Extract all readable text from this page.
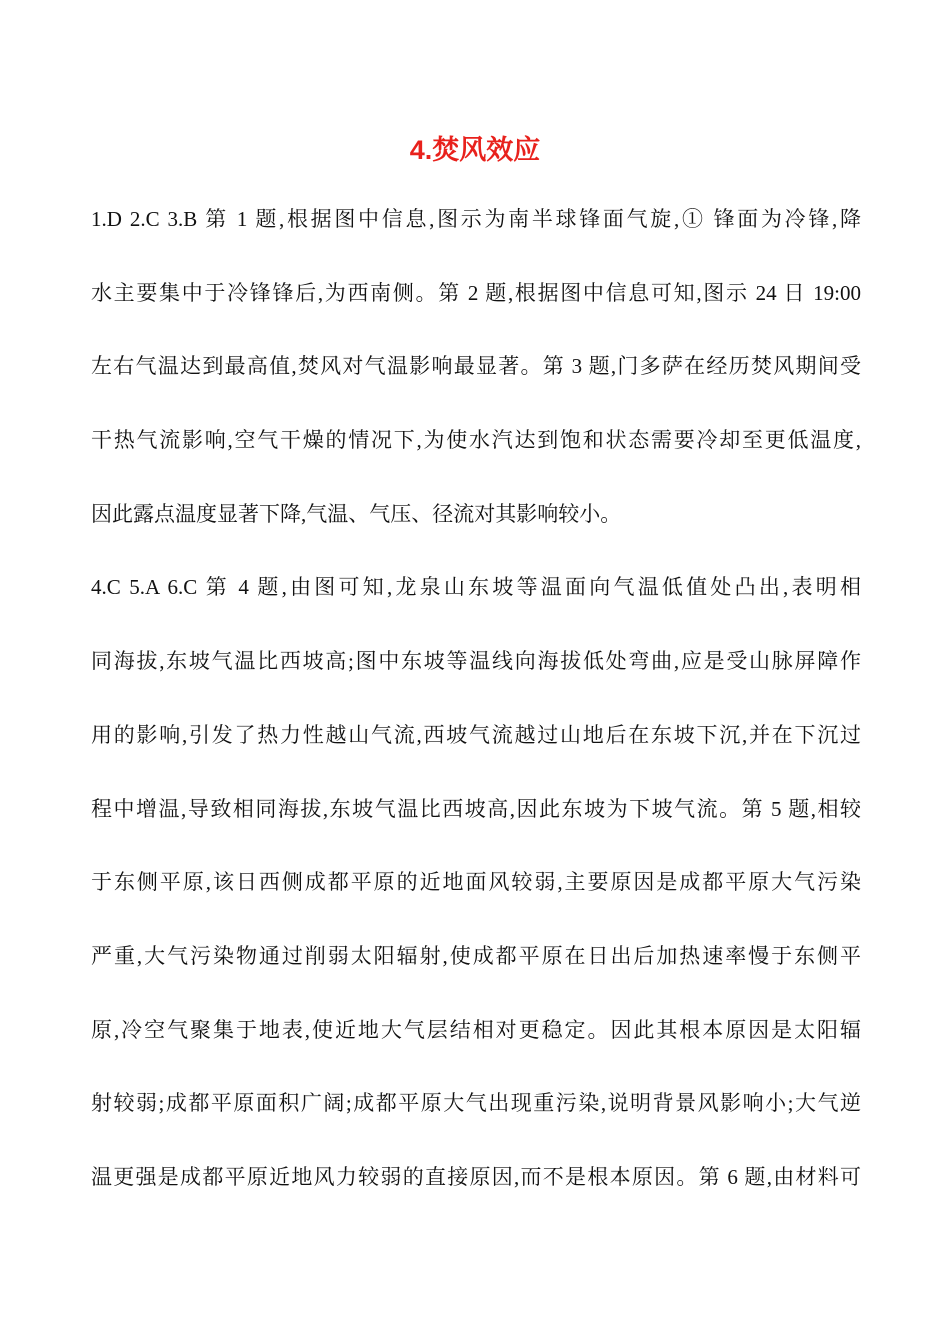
4.焚风效应
1.D 2.C 3.B 第 1 题,根据图中信息,图示为南半球锋面气旋,① 锋面为冷锋,降
水主要集中于冷锋锋后,为西南侧。第 2 题,根据图中信息可知,图示 24 日 19:00
左右气温达到最高值,焚风对气温影响最显著。第 3 题,门多萨在经历焚风期间受
干热气流影响,空气干燥的情况下,为使水汽达到饱和状态需要冷却至更低温度,
因此露点温度显著下降,气温、气压、径流对其影响较小。
4.C 5.A 6.C 第 4 题,由图可知,龙泉山东坡等温面向气温低值处凸出,表明相
同海拔,东坡气温比西坡高;图中东坡等温线向海拔低处弯曲,应是受山脉屏障作
用的影响,引发了热力性越山气流,西坡气流越过山地后在东坡下沉,并在下沉过
程中增温,导致相同海拔,东坡气温比西坡高,因此东坡为下坡气流。第 5 题,相较
于东侧平原,该日西侧成都平原的近地面风较弱,主要原因是成都平原大气污染
严重,大气污染物通过削弱太阳辐射,使成都平原在日出后加热速率慢于东侧平
原,冷空气聚集于地表,使近地大气层结相对更稳定。因此其根本原因是太阳辐
射较弱;成都平原面积广阔;成都平原大气出现重污染,说明背景风影响小;大气逆
温更强是成都平原近地风力较弱的直接原因,而不是根本原因。第 6 题,由材料可
